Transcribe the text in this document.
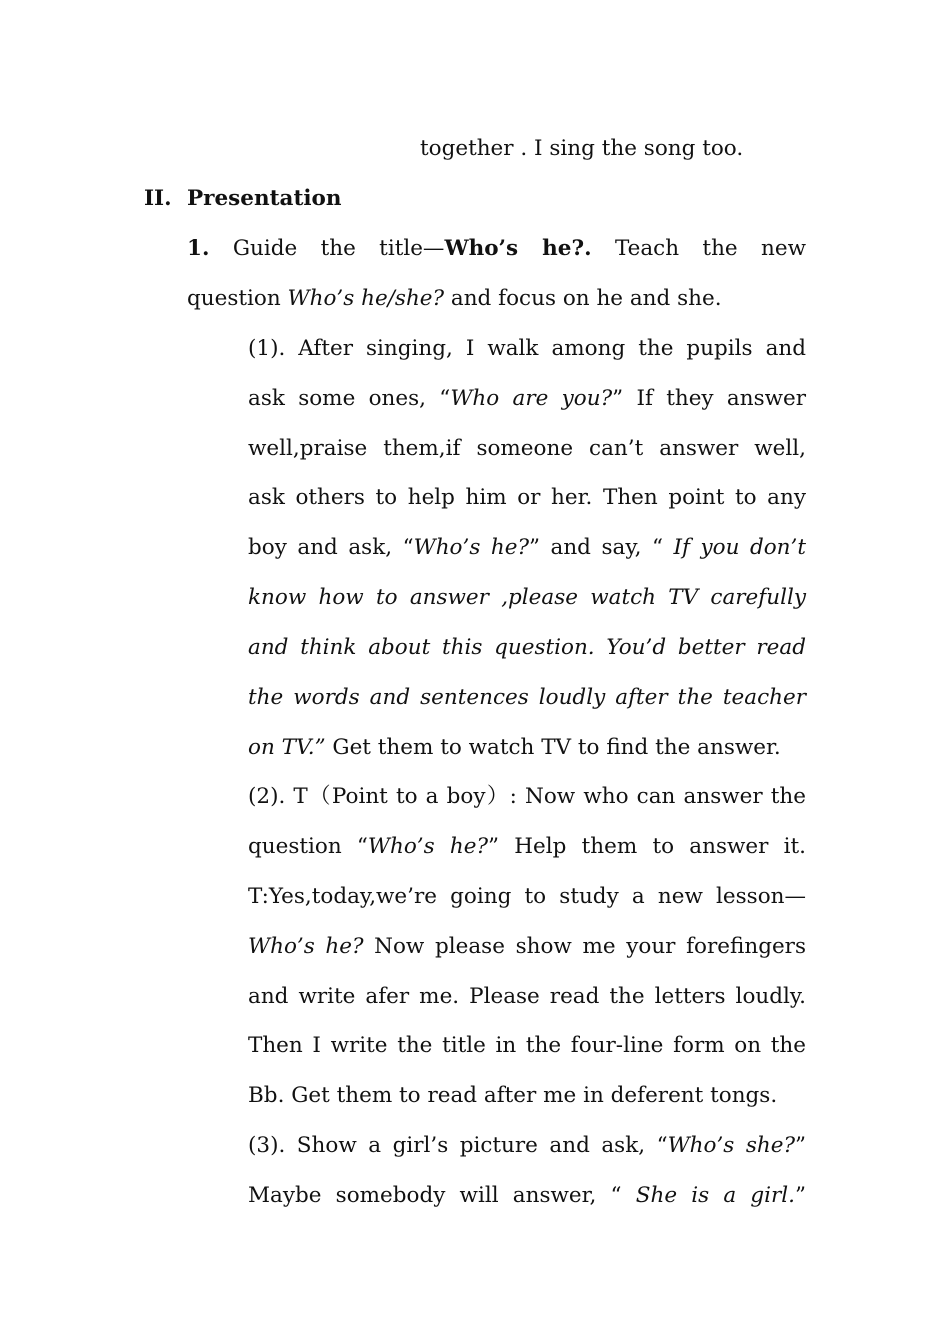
together . I sing the song too.
II. Presentation
1. Guide the title—Who’s he?. Teach the new
question Who’s he/she? and focus on he and she.
(1). After singing, I walk among the pupils and
ask some ones, “Who are you?” If they answer
well,praise them,if someone can’t answer well,
ask others to help him or her. Then point to any
boy and ask, “Who’s he?” and say, “ If you don’t
know how to answer ,please watch TV carefully
and think about this question. You’d better read
the words and sentences loudly after the teacher
on TV.” Get them to watch TV to find the answer.
(2). T（Point to a boy）: Now who can answer the
question “Who’s he?” Help them to answer it.
T:Yes,today,we’re going to study a new lesson—
Who’s he? Now please show me your forefingers
and write afer me. Please read the letters loudly.
Then I write the title in the four-line form on the
Bb. Get them to read after me in deferent tongs.
(3). Show a girl’s picture and ask, “Who’s she?”
Maybe somebody will answer, “ She is a girl.”
